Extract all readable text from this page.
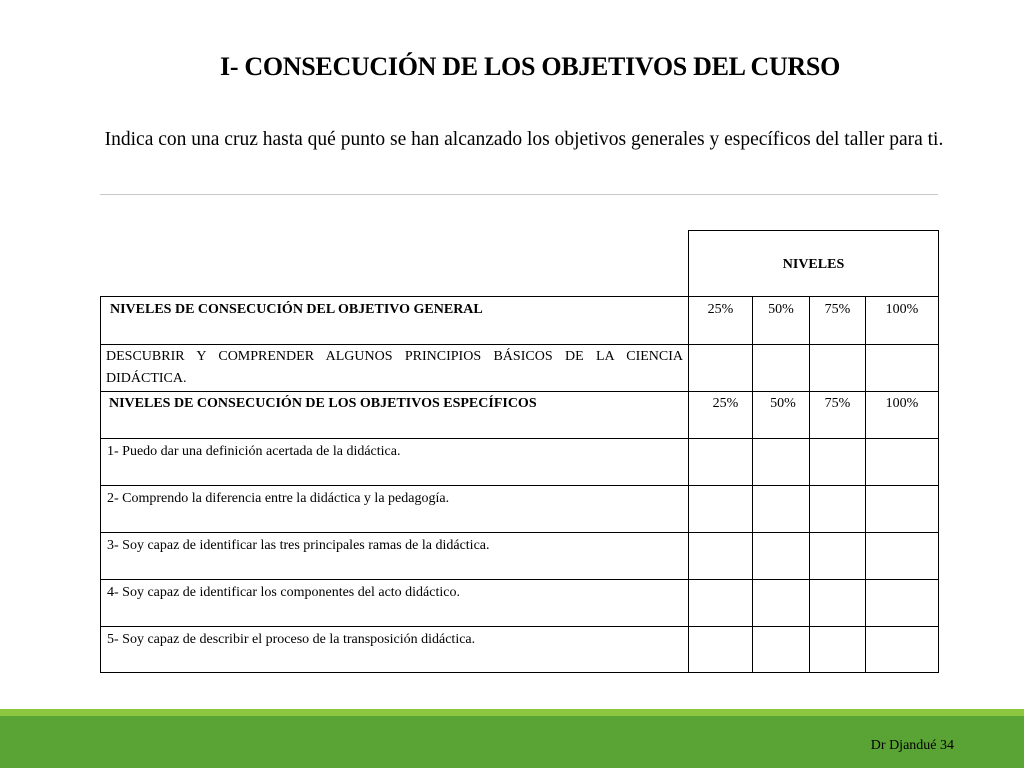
I- CONSECUCIÓN DE LOS OBJETIVOS DEL CURSO
Indica con una cruz hasta qué punto se han alcanzado los objetivos generales y específicos del taller para ti.
NIVELES
NIVELES DE CONSECUCIÓN DEL OBJETIVO GENERAL	25%	50%	75%	100%
DESCUBRIR Y COMPRENDER ALGUNOS PRINCIPIOS BÁSICOS DE LA CIENCIA DIDÁCTICA.
NIVELES DE CONSECUCIÓN DE LOS OBJETIVOS ESPECÍFICOS	25%	50%	75%	100%
1- Puedo dar una definición acertada de la didáctica.
2- Comprendo la diferencia entre la didáctica y la pedagogía.
3- Soy capaz de identificar las tres principales ramas de la didáctica.
4- Soy capaz de identificar los componentes del acto didáctico.
5- Soy capaz de describir el proceso de la transposición didáctica.
Dr Djandué 34
